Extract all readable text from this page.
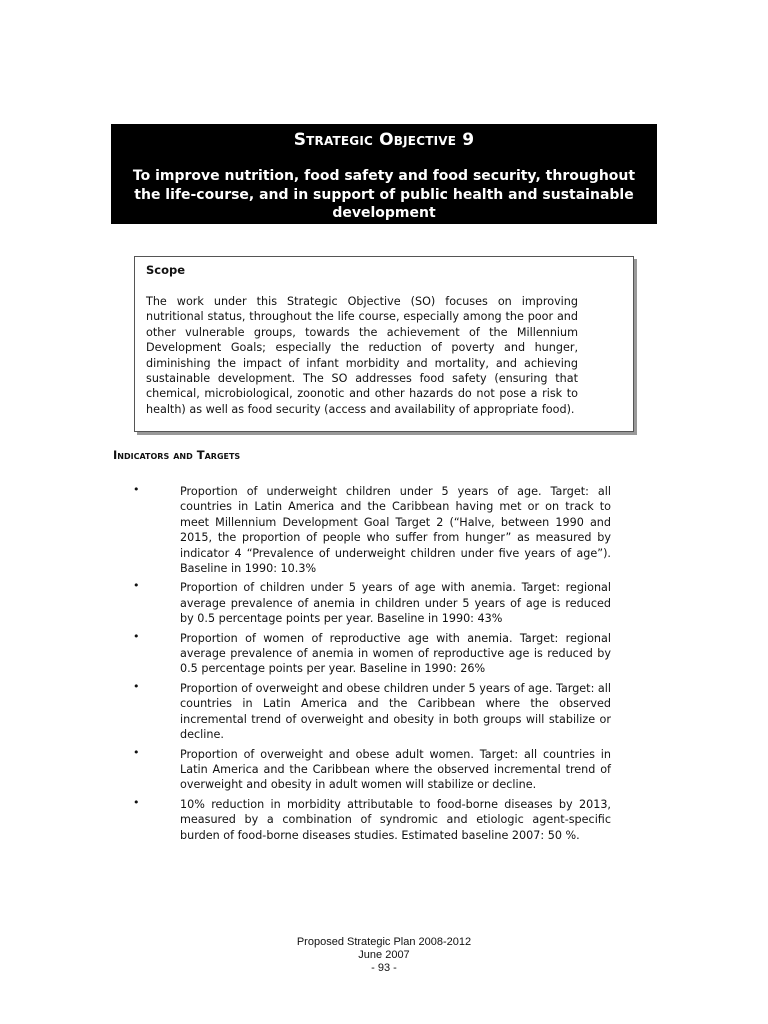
Strategic Objective 9
To improve nutrition, food safety and food security, throughout the life-course, and in support of public health and sustainable development
Scope
The work under this Strategic Objective (SO) focuses on improving nutritional status, throughout the life course, especially among the poor and other vulnerable groups, towards the achievement of the Millennium Development Goals; especially the reduction of poverty and hunger, diminishing the impact of infant morbidity and mortality, and achieving sustainable development. The SO addresses food safety (ensuring that chemical, microbiological, zoonotic and other hazards do not pose a risk to health) as well as food security (access and availability of appropriate food).
Indicators and Targets
•	Proportion of underweight children under 5 years of age. Target: all countries in Latin America and the Caribbean having met or on track to meet Millennium Development Goal Target 2 (“Halve, between 1990 and 2015, the proportion of people who suffer from hunger” as measured by indicator 4 “Prevalence of underweight children under five years of age”). Baseline in 1990: 10.3%
•	Proportion of children under 5 years of age with anemia. Target: regional average prevalence of anemia in children under 5 years of age is reduced by 0.5 percentage points per year. Baseline in 1990: 43%
•	Proportion of women of reproductive age with anemia. Target: regional average prevalence of anemia in women of reproductive age is reduced by 0.5 percentage points per year. Baseline in 1990: 26%
•	Proportion of overweight and obese children under 5 years of age. Target: all countries in Latin America and the Caribbean where the observed incremental trend of overweight and obesity in both groups will stabilize or decline.
•	Proportion of overweight and obese adult women. Target: all countries in Latin America and the Caribbean where the observed incremental trend of overweight and obesity in adult women will stabilize or decline.
•	10% reduction in morbidity attributable to food-borne diseases by 2013, measured by a combination of syndromic and etiologic agent-specific burden of food-borne diseases studies. Estimated baseline 2007: 50 %.
Proposed Strategic Plan 2008-2012
June 2007
- 93 -
